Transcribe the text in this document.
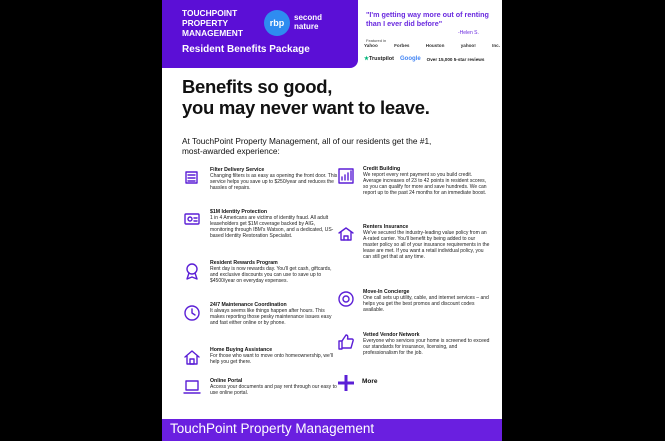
TOUCHPOINT PROPERTY MANAGEMENT
rbp
second nature
Resident Benefits Package
"I'm getting way more out of renting than I ever did before"
-Helen S.
Featured in
Yahoo	Forbes	Houston	yahoo!	Inc.
★Trustpilot Google Over 15,000 5-star reviews
Benefits so good,
you may never want to leave.
At TouchPoint Property Management, all of our residents get the #1, most-awarded experience:
Filter Delivery Service
Changing filters is as easy as opening the front door. This service helps you save up to $250/year and reduces the hassles of repairs.
$1M Identity Protection
1 in 4 Americans are victims of identity fraud. All adult leaseholders get $1M coverage backed by AIG, monitoring through IBM's Watson, and a dedicated, US-based Identity Restoration Specialist.
Resident Rewards Program
Rent day is now rewards day. You'll get cash, giftcards, and exclusive discounts you can use to save up to $4500/year on everyday expenses.
24/7 Maintenance Coordination
It always seems like things happen after hours. This makes reporting those pesky maintenance issues easy and fast either online or by phone.
Home Buying Assistance
For those who want to move onto homeownership, we'll help you get there.
Online Portal
Access your documents and pay rent through our easy to use online portal.
Credit Building
We report every rent payment so you build credit. Average increases of 23 to 42 points in resident scores, so you can qualify for more and save hundreds. We can report up to the past 24 months for an immediate boost.
Renters Insurance
We've secured the industry-leading value policy from an A-rated carrier. You'll benefit by being added to our master policy so all of your insurance requirements in the lease are met. If you want a retail individual policy, you can still get that at any time.
Move-In Concierge
One call sets up utility, cable, and internet services – and helps you get the best promos and discount codes available.
Vetted Vendor Network
Everyone who services your home is screened to exceed our standards for insurance, licensing, and professionalism for the job.
More
TouchPoint Property Management
